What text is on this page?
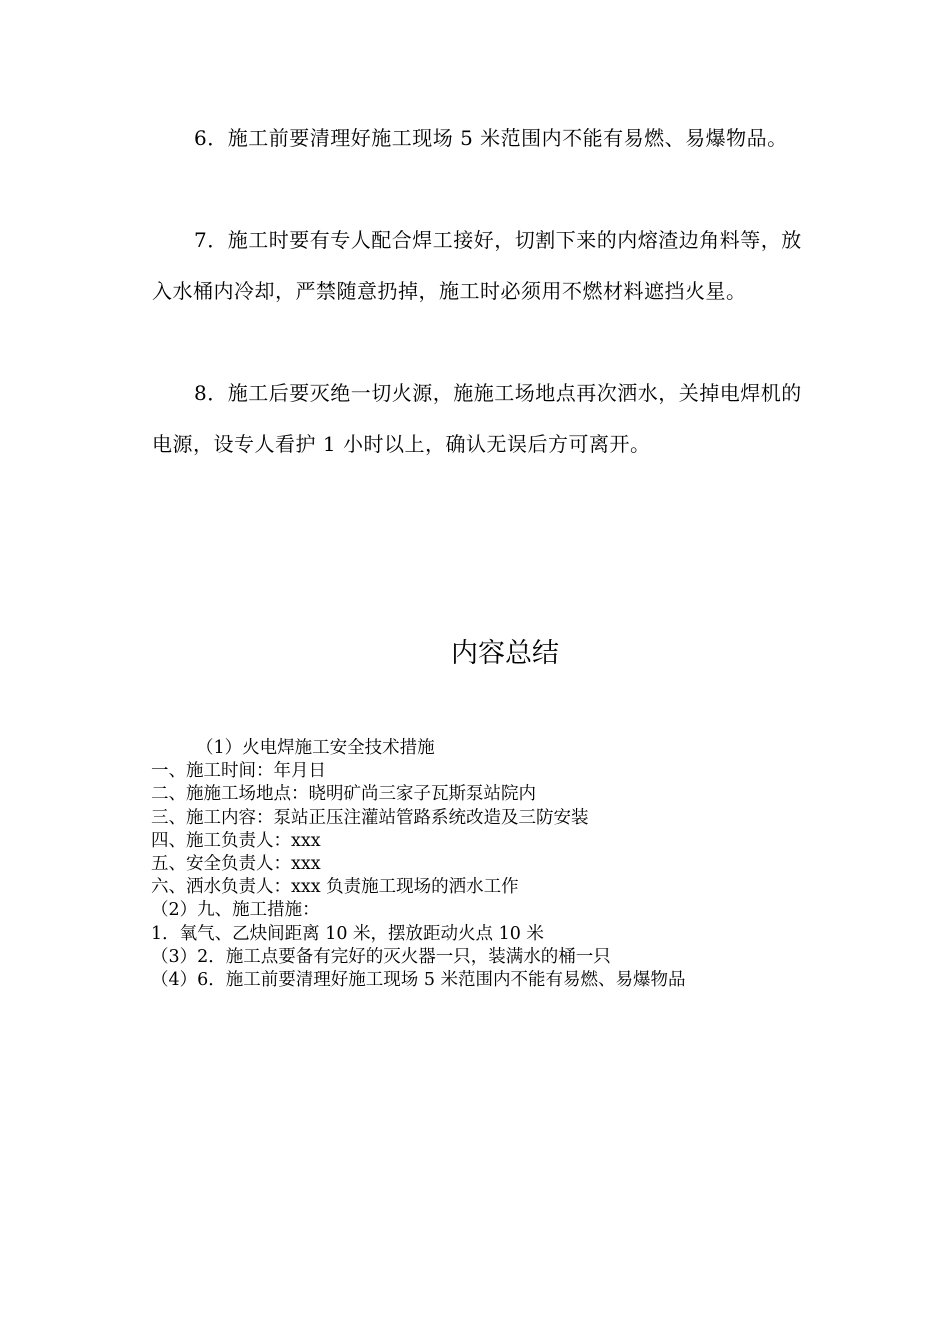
6．施工前要清理好施工现场 5 米范围内不能有易燃、易爆物品。

7．施工时要有专人配合焊工接好，切割下来的内熔渣边角料等，放入水桶内冷却，严禁随意扔掉，施工时必须用不燃材料遮挡火星。

8．施工后要灭绝一切火源，施施工场地点再次洒水，关掉电焊机的电源，设专人看护 1 小时以上，确认无误后方可离开。

内容总结
（1）火电焊施工安全技术措施
一、施工时间：年月日
二、施施工场地点：晓明矿尚三家子瓦斯泵站院内
三、施工内容：泵站正压注灌站管路系统改造及三防安装
四、施工负责人：xxx
五、安全负责人：xxx
六、洒水负责人：xxx 负责施工现场的洒水工作
（2）九、施工措施：
1．氧气、乙炔间距离 10 米，摆放距动火点 10 米
（3）2．施工点要备有完好的灭火器一只，装满水的桶一只
（4）6．施工前要清理好施工现场 5 米范围内不能有易燃、易爆物品
